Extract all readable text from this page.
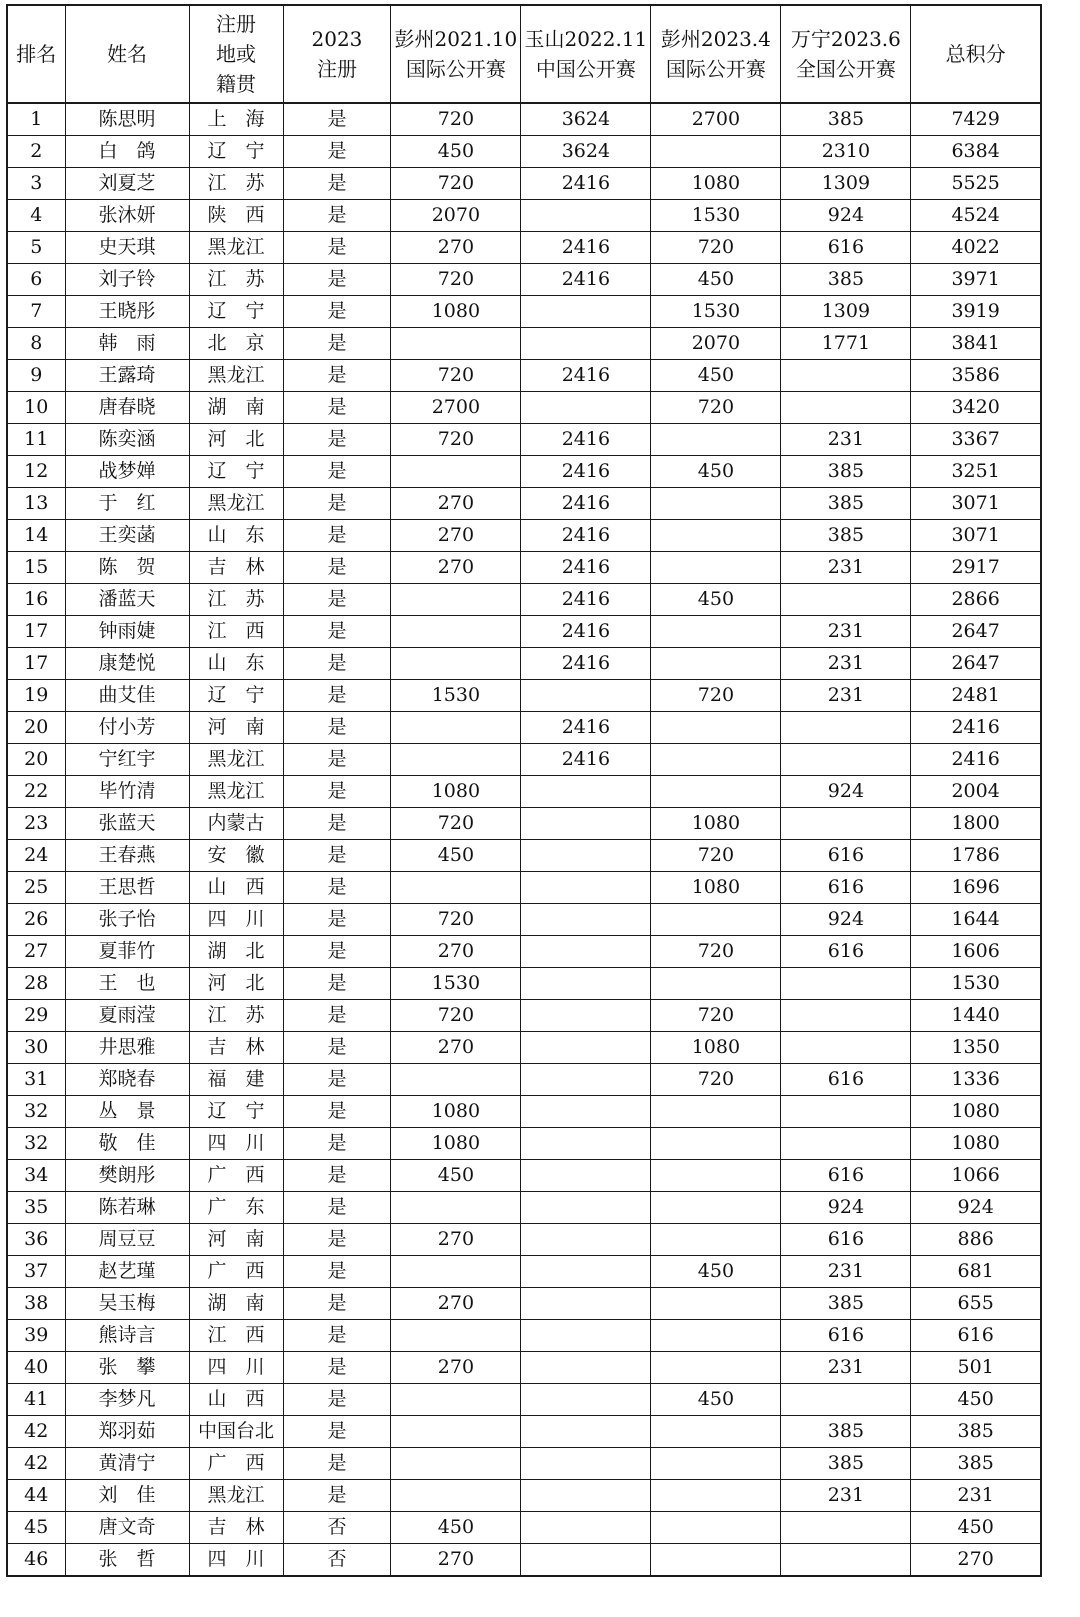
排名	姓名	注册地或籍贯	2023注册	彭州2021.10国际公开赛	玉山2022.11中国公开赛	彭州2023.4 国际公开赛	万宁2023.6 全国公开赛	总积分
1	陈思明	上　海	是	720	3624	2700	385	7429
2	白　鸽	辽　宁	是	450	3624		2310	6384
3	刘夏芝	江　苏	是	720	2416	1080	1309	5525
4	张沐妍	陕　西	是	2070		1530	924	4524
5	史天琪	黑龙江	是	270	2416	720	616	4022
6	刘子铃	江　苏	是	720	2416	450	385	3971
7	王晓彤	辽　宁	是	1080		1530	1309	3919
8	韩　雨	北　京	是			2070	1771	3841
9	王露琦	黑龙江	是	720	2416	450		3586
10	唐春晓	湖　南	是	2700		720		3420
11	陈奕涵	河　北	是	720	2416		231	3367
12	战梦婵	辽　宁	是		2416	450	385	3251
13	于　红	黑龙江	是	270	2416		385	3071
14	王奕菡	山　东	是	270	2416		385	3071
15	陈　贺	吉　林	是	270	2416		231	2917
16	潘蓝天	江　苏	是		2416	450		2866
17	钟雨婕	江　西	是		2416		231	2647
17	康楚悦	山　东	是		2416		231	2647
19	曲艾佳	辽　宁	是	1530		720	231	2481
20	付小芳	河　南	是		2416			2416
20	宁红宇	黑龙江	是		2416			2416
22	毕竹清	黑龙江	是	1080			924	2004
23	张蓝天	内蒙古	是	720		1080		1800
24	王春燕	安　徽	是	450		720	616	1786
25	王思哲	山　西	是			1080	616	1696
26	张子怡	四　川	是	720			924	1644
27	夏菲竹	湖　北	是	270		720	616	1606
28	王　也	河　北	是	1530				1530
29	夏雨滢	江　苏	是	720		720		1440
30	井思雅	吉　林	是	270		1080		1350
31	郑晓春	福　建	是			720	616	1336
32	丛　景	辽　宁	是	1080				1080
32	敬　佳	四　川	是	1080				1080
34	樊朗彤	广　西	是	450			616	1066
35	陈若琳	广　东	是				924	924
36	周豆豆	河　南	是	270			616	886
37	赵艺瑾	广　西	是			450	231	681
38	吴玉梅	湖　南	是	270			385	655
39	熊诗言	江　西	是				616	616
40	张　攀	四　川	是	270			231	501
41	李梦凡	山　西	是			450		450
42	郑羽茹	中国台北	是				385	385
42	黄清宁	广　西	是				385	385
44	刘　佳	黑龙江	是				231	231
45	唐文奇	吉　林	否	450				450
46	张　哲	四　川	否	270				270
